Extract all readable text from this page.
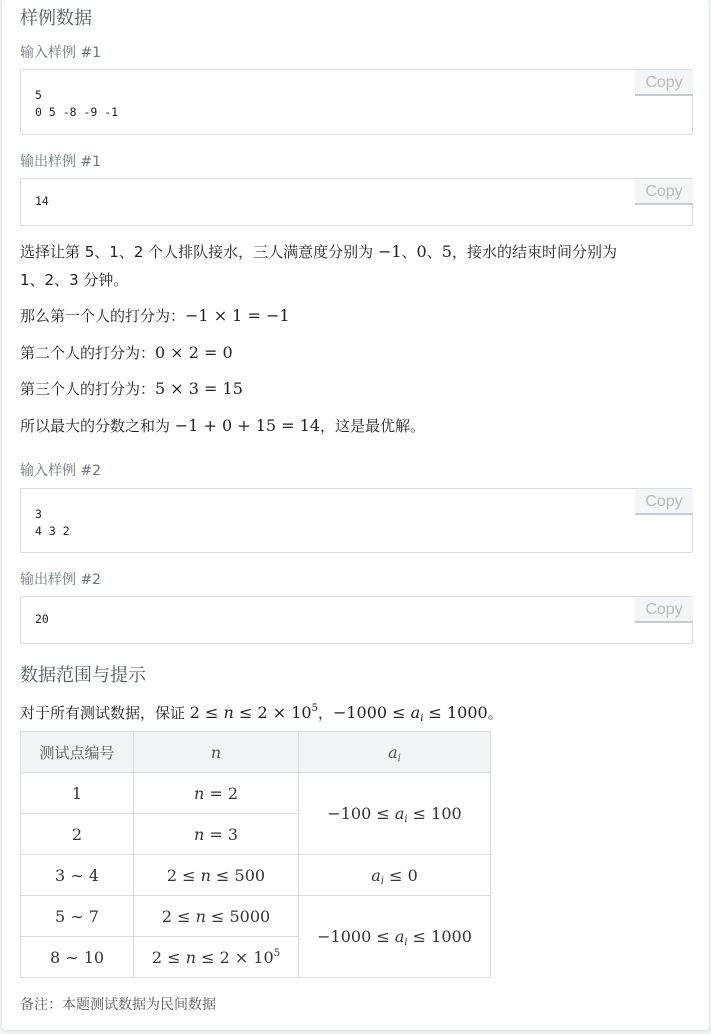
样例数据
输入样例 #1
5
0 5 -8 -9 -1
Copy
输出样例 #1
14
Copy
选择让第 5、1、2 个人排队接水，三人满意度分别为 −1、0、5，接水的结束时间分别为
1、2、3 分钟。
那么第一个人的打分为：−1 × 1 = −1
第二个人的打分为：0 × 2 = 0
第三个人的打分为：5 × 3 = 15
所以最大的分数之和为 −1 + 0 + 15 = 14，这是最优解。
输入样例 #2
3
4 3 2
Copy
输出样例 #2
20
Copy
数据范围与提示
对于所有测试数据，保证 $2 \le n \le 2 \times 10^5$，$-1000 \le a_i \le 1000$。
测试点编号	n	$a_i$
1	n = 2	$-100 \le a_i \le 100$
2	n = 3	
3 ∼ 4	2 ≤ n ≤ 500	$a_i \le 0$
5 ∼ 7	2 ≤ n ≤ 5000	$-1000 \le a_i \le 1000$
8 ∼ 10	$2 \le n \le 2 \times 10^5$
备注：本题测试数据为民间数据
